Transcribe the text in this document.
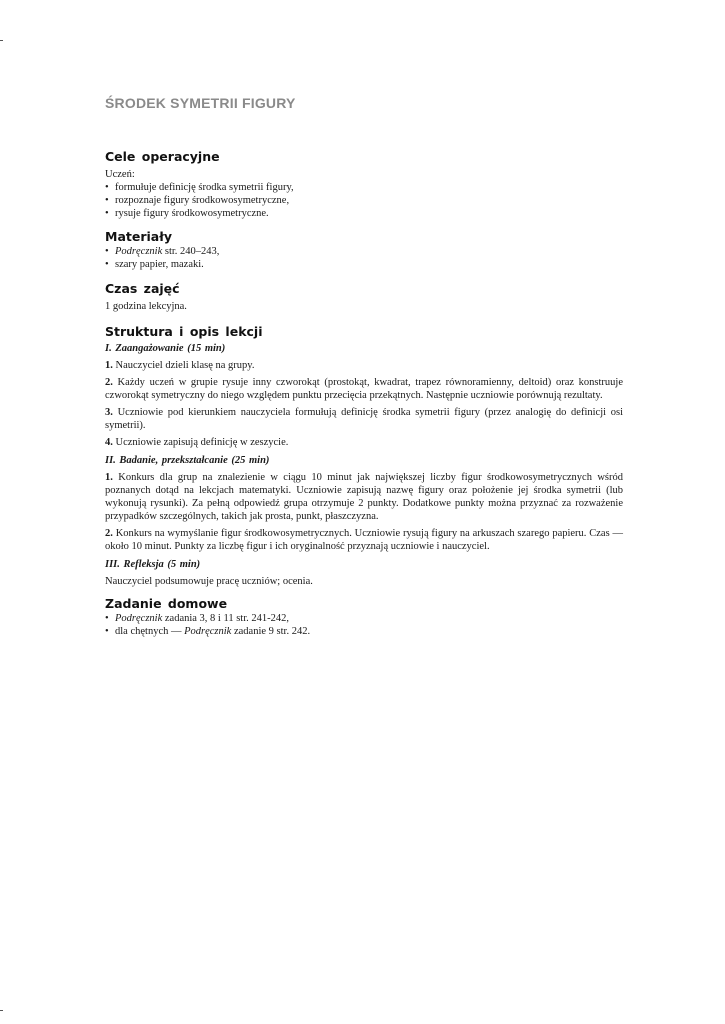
ŚRODEK SYMETRII FIGURY
Cele operacyjne

Uczeń:

• formułuje definicję środka symetrii figury,
• rozpoznaje figury środkowosymetryczne,
• rysuje figury środkowosymetryczne.
Materiały
• Podręcznik str. 240–243,
• szary papier, mazaki.
Czas zajęć

1 godzina lekcyjna.

Struktura i opis lekcji

I. Zaangażowanie (15 min)

1. Nauczyciel dzieli klasę na grupy.

2. Każdy uczeń w grupie rysuje inny czworokąt (prostokąt, kwadrat, trapez równoramienny, deltoid) oraz konstruuje czworokąt symetryczny do niego względem punktu przecięcia przekątnych. Następnie uczniowie porównują rezultaty.

3. Uczniowie pod kierunkiem nauczyciela formułują definicję środka symetrii figury (przez analogię do definicji osi symetrii).

4. Uczniowie zapisują definicję w zeszycie.

II. Badanie, przekształcanie (25 min)

1. Konkurs dla grup na znalezienie w ciągu 10 minut jak największej liczby figur środkowosymetrycznych wśród poznanych dotąd na lekcjach matematyki. Uczniowie zapisują nazwę figury oraz położenie jej środka symetrii (lub wykonują rysunki). Za pełną odpowiedź grupa otrzymuje 2 punkty. Dodatkowe punkty można przyznać za rozważenie przypadków szczególnych, takich jak prosta, punkt, płaszczyzna.

2. Konkurs na wymyślanie figur środkowosymetrycznych. Uczniowie rysują figury na arkuszach szarego papieru. Czas — około 10 minut. Punkty za liczbę figur i ich oryginalność przyznają uczniowie i nauczyciel.

III. Refleksja (5 min)

Nauczyciel podsumowuje pracę uczniów; ocenia.

Zadanie domowe
• Podręcznik zadania 3, 8 i 11 str. 241-242,
• dla chętnych — Podręcznik zadanie 9 str. 242.
